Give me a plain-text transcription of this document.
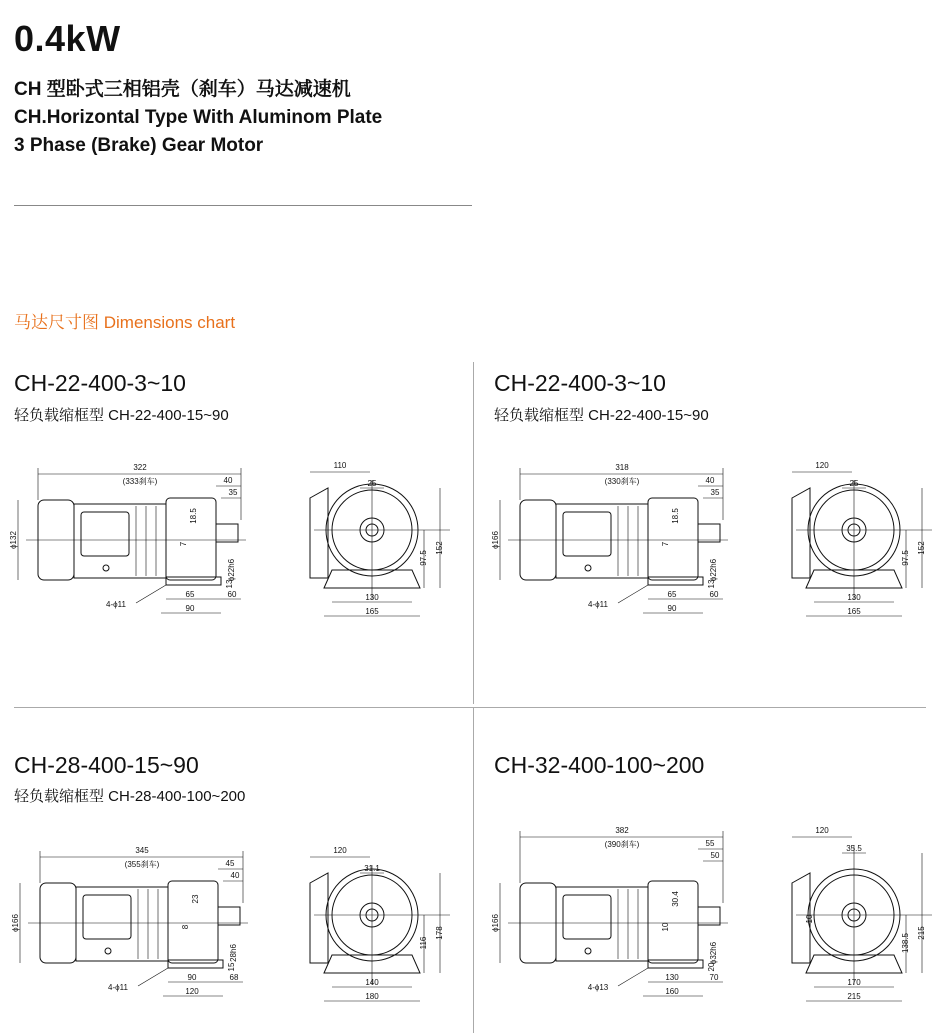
0.4kW
CH 型卧式三相铝壳（刹车）马达减速机
CH.Horizontal Type With Aluminom Plate
3 Phase (Brake) Gear Motor
马达尺寸图 Dimensions chart
CH-22-400-3~10
轻负载缩框型 CH-22-400-15~90
322
(333刹车)	40
35
ϕ132
18.5
7
ϕ22h6
13
65	60
90
4-ϕ11
110
25
97.5
152
130
165
CH-22-400-3~10
轻负载缩框型 CH-22-400-15~90
318
(330刹车)	40
35
ϕ166
18.5
7
ϕ22h6
13
65	60
90
4-ϕ11
120
25
97.5
152
130
165
CH-28-400-15~90
轻负载缩框型 CH-28-400-100~200
345
(355刹车)	45
40
ϕ166
23
8
28h6
15
90	68
120
4-ϕ11
120
31.1
116
178
140
180
CH-32-400-100~200
382
(390刹车)	55
50
ϕ166
30.4
10
ϕ32h6
20
130	70
160
4-ϕ13
120
35.5
138.5 215
170
215
10
